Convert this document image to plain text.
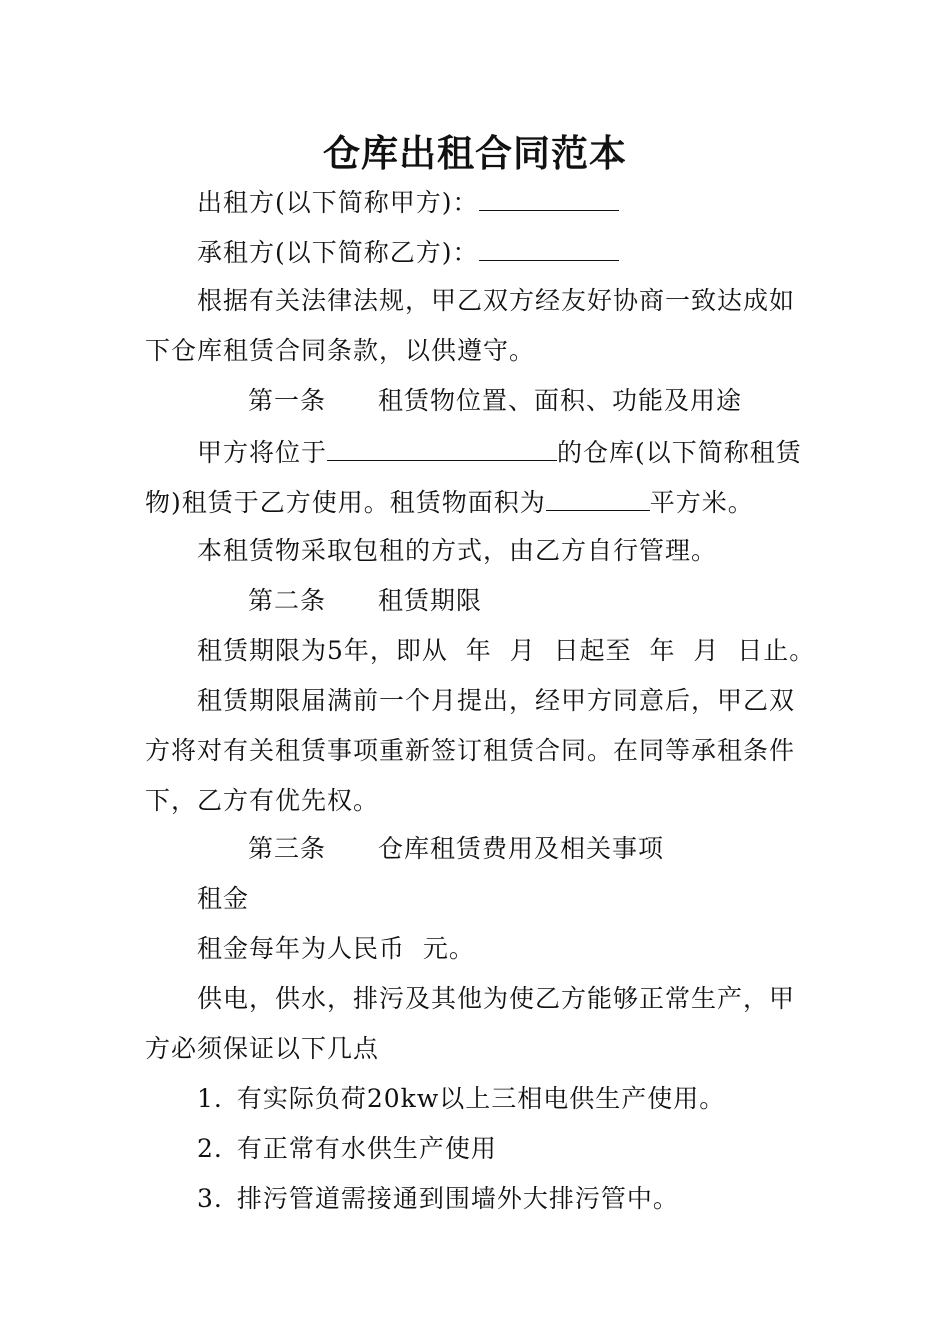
仓库出租合同范本
出租方(以下简称甲方)：
承租方(以下简称乙方)：
根据有关法律法规，甲乙双方经友好协商一致达成如
下仓库租赁合同条款，以供遵守。
第一条 租赁物位置、面积、功能及用途
甲方将位于	的仓库(以下简称租赁
物)租赁于乙方使用。租赁物面积为	平方米。
本租赁物采取包租的方式，由乙方自行管理。
第二条 租赁期限
租赁期限为5年，即从  年  月  日起至  年  月  日止。
租赁期限届满前一个月提出，经甲方同意后，甲乙双
方将对有关租赁事项重新签订租赁合同。在同等承租条件
下，乙方有优先权。
第三条 仓库租赁费用及相关事项
租金
租金每年为人民币  元。
供电，供水，排污及其他为使乙方能够正常生产，甲
方必须保证以下几点
1. 有实际负荷20kw以上三相电供生产使用。
2. 有正常有水供生产使用
3. 排污管道需接通到围墙外大排污管中。
